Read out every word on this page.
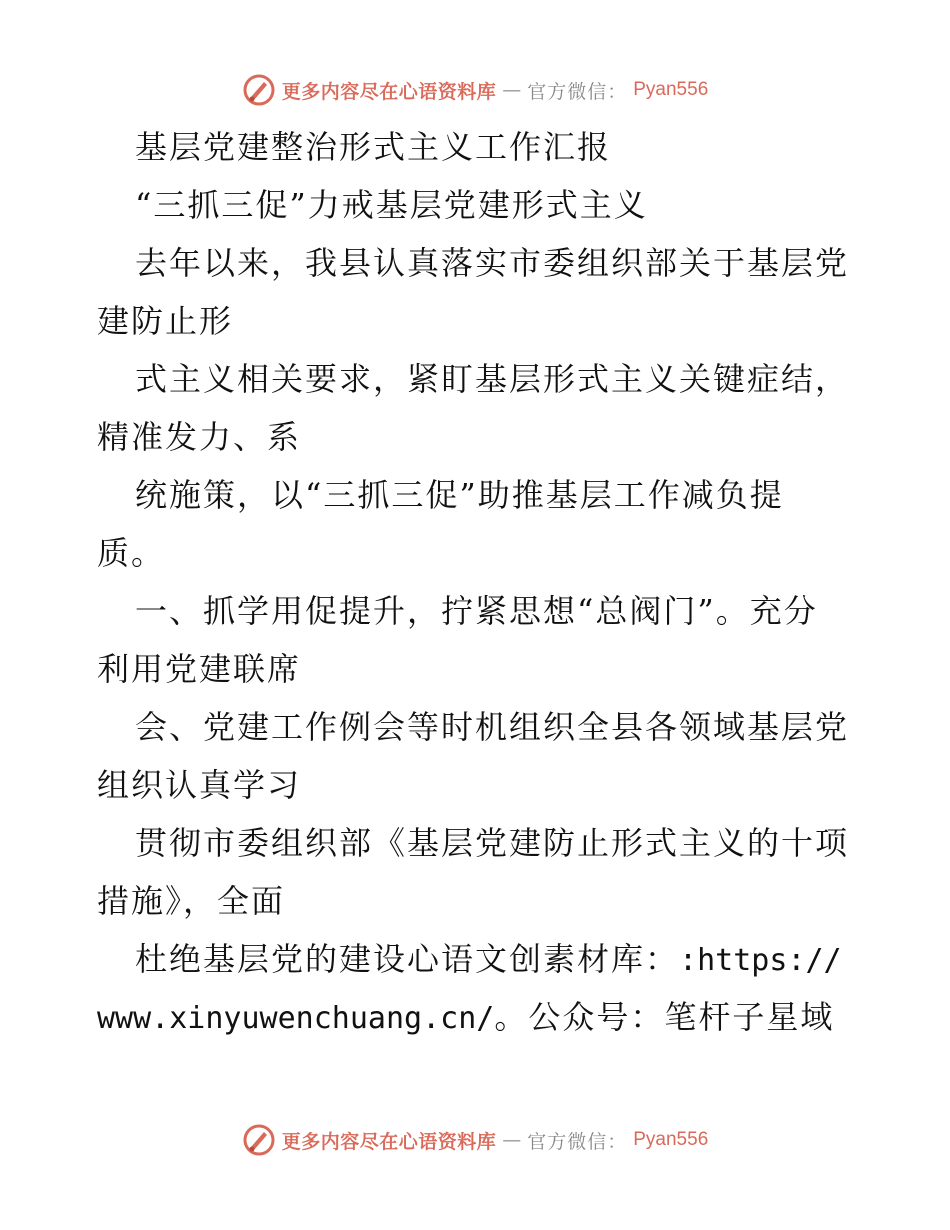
更多内容尽在心语资料库 — 官方微信： Pyan556
基层党建整治形式主义工作汇报
“三抓三促”力戒基层党建形式主义
去年以来，我县认真落实市委组织部关于基层党
建防止形
式主义相关要求，紧盯基层形式主义关键症结，
精准发力、系
统施策，以“三抓三促”助推基层工作减负提
质。
一、抓学用促提升，拧紧思想“总阀门”。充分
利用党建联席
会、党建工作例会等时机组织全县各领域基层党
组织认真学习
贯彻市委组织部《基层党建防止形式主义的十项
措施》，全面
杜绝基层党的建设心语文创素材库：:https://
www.xinyuwenchuang.cn/。公众号：笔杆子星域
更多内容尽在心语资料库 — 官方微信： Pyan556
